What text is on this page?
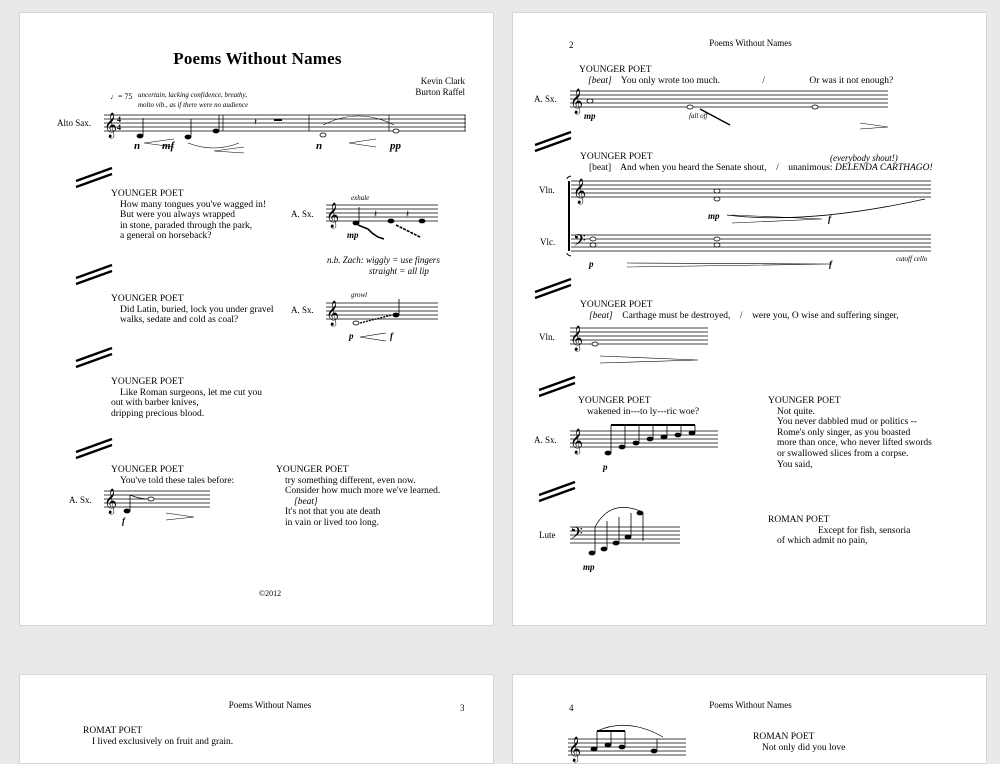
Poems Without Names
Kevin Clark
Burton Raffel
♩= 75 uncertain, lacking confidence, breathy,
molto vib., as if there were no audience
Alto Sax. 𝄞 4
4	𝄽
n mf	n	pp
YOUNGER POET
How many tongues you've wagged in!
But were you always wrapped
in stone, paraded through the park,
a general on horseback?
exhale
A. Sx. 𝄞	𝄽	𝄽
mp
n.b. Zach: wiggly = use fingers
straight = all lip
YOUNGER POET
Did Latin, buried, lock you under gravel
walks, sedate and cold as coal?
growl
A. Sx. 𝄞
p	f
YOUNGER POET
Like Roman surgeons, let me cut you
out with barber knives,
dripping precious blood.
YOUNGER POET
You've told these tales before:
YOUNGER POET
try something different, even now.
Consider how much more we've learned.
[beat]
It's not that you ate death
in vain or lived too long.
A. Sx. 𝄞
f
©2012
2	Poems Without Names
YOUNGER POET
[beat] You only wrote too much.	/	Or was it not enough?
A. Sx. 𝄞
mp	fall off
YOUNGER POET
[beat] And when you heard the Senate shout, / unanimous: DELENDA CARTHAGO!
(everybody shout!)
Vln.
Vlc.
𝄞
𝄢
mp	f
p	f	cutoff cello
YOUNGER POET
[beat] Carthage must be destroyed, / were you, O wise and suffering singer,
Vln. 𝄞
YOUNGER POET
wakened in---to ly---ric woe?
A. Sx. 𝄞
p
YOUNGER POET
Not quite.
You never dabbled mud or politics --
Rome's only singer, as you boasted
more than once, who never lifted swords
or swallowed slices from a corpse.
You said,
Lute 𝄢
mp
ROMAN POET
Except for fish, sensoria
of which admit no pain,
Poems Without Names	3
ROMAT POET
I lived exclusively on fruit and grain.
4	Poems Without Names
𝄞	ROMAN POET
Not only did you love
